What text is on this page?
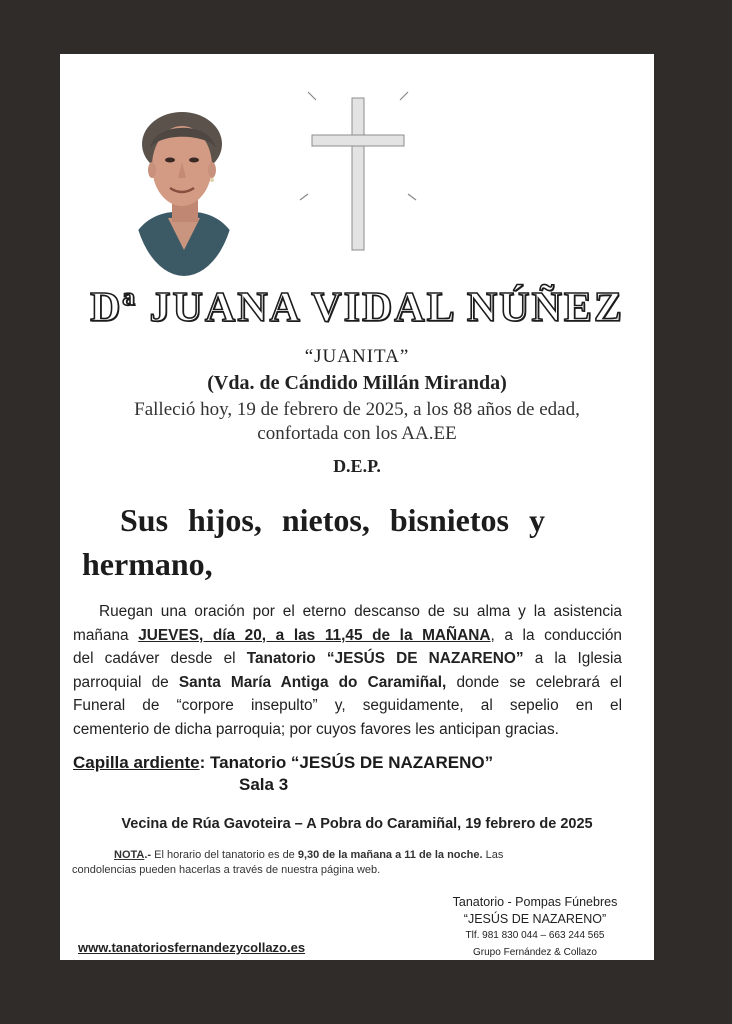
Dª JUANA VIDAL NÚÑEZ
“JUANITA”
(Vda. de Cándido Millán Miranda)
Falleció hoy, 19 de febrero de 2025, a los 88 años de edad,
confortada con los AA.EE
D.E.P.
Sus hijos, nietos, bisnietos y
hermano,
Ruegan una oración por el eterno descanso de su alma y la asistencia
mañana JUEVES, día 20, a las 11,45 de la MAÑANA, a la conducción
del cadáver desde el Tanatorio “JESÚS DE NAZARENO” a la Iglesia
parroquial de Santa María Antiga do Caramiñal, donde se celebrará el
Funeral de “corpore insepulto” y, seguidamente, al sepelio en el
cementerio de dicha parroquia; por cuyos favores les anticipan gracias.
Capilla ardiente: Tanatorio “JESÚS DE NAZARENO”
Sala 3
Vecina de Rúa Gavoteira – A Pobra do Caramiñal, 19 febrero de 2025
NOTA.- El horario del tanatorio es de 9,30 de la mañana a 11 de la noche. Las
condolencias pueden hacerlas a través de nuestra página web.
Tanatorio - Pompas Fúnebres
“JESÚS DE NAZARENO”
Tlf. 981 830 044 – 663 244 565
Grupo Fernández & Collazo
www.tanatoriosfernandezycollazo.es
